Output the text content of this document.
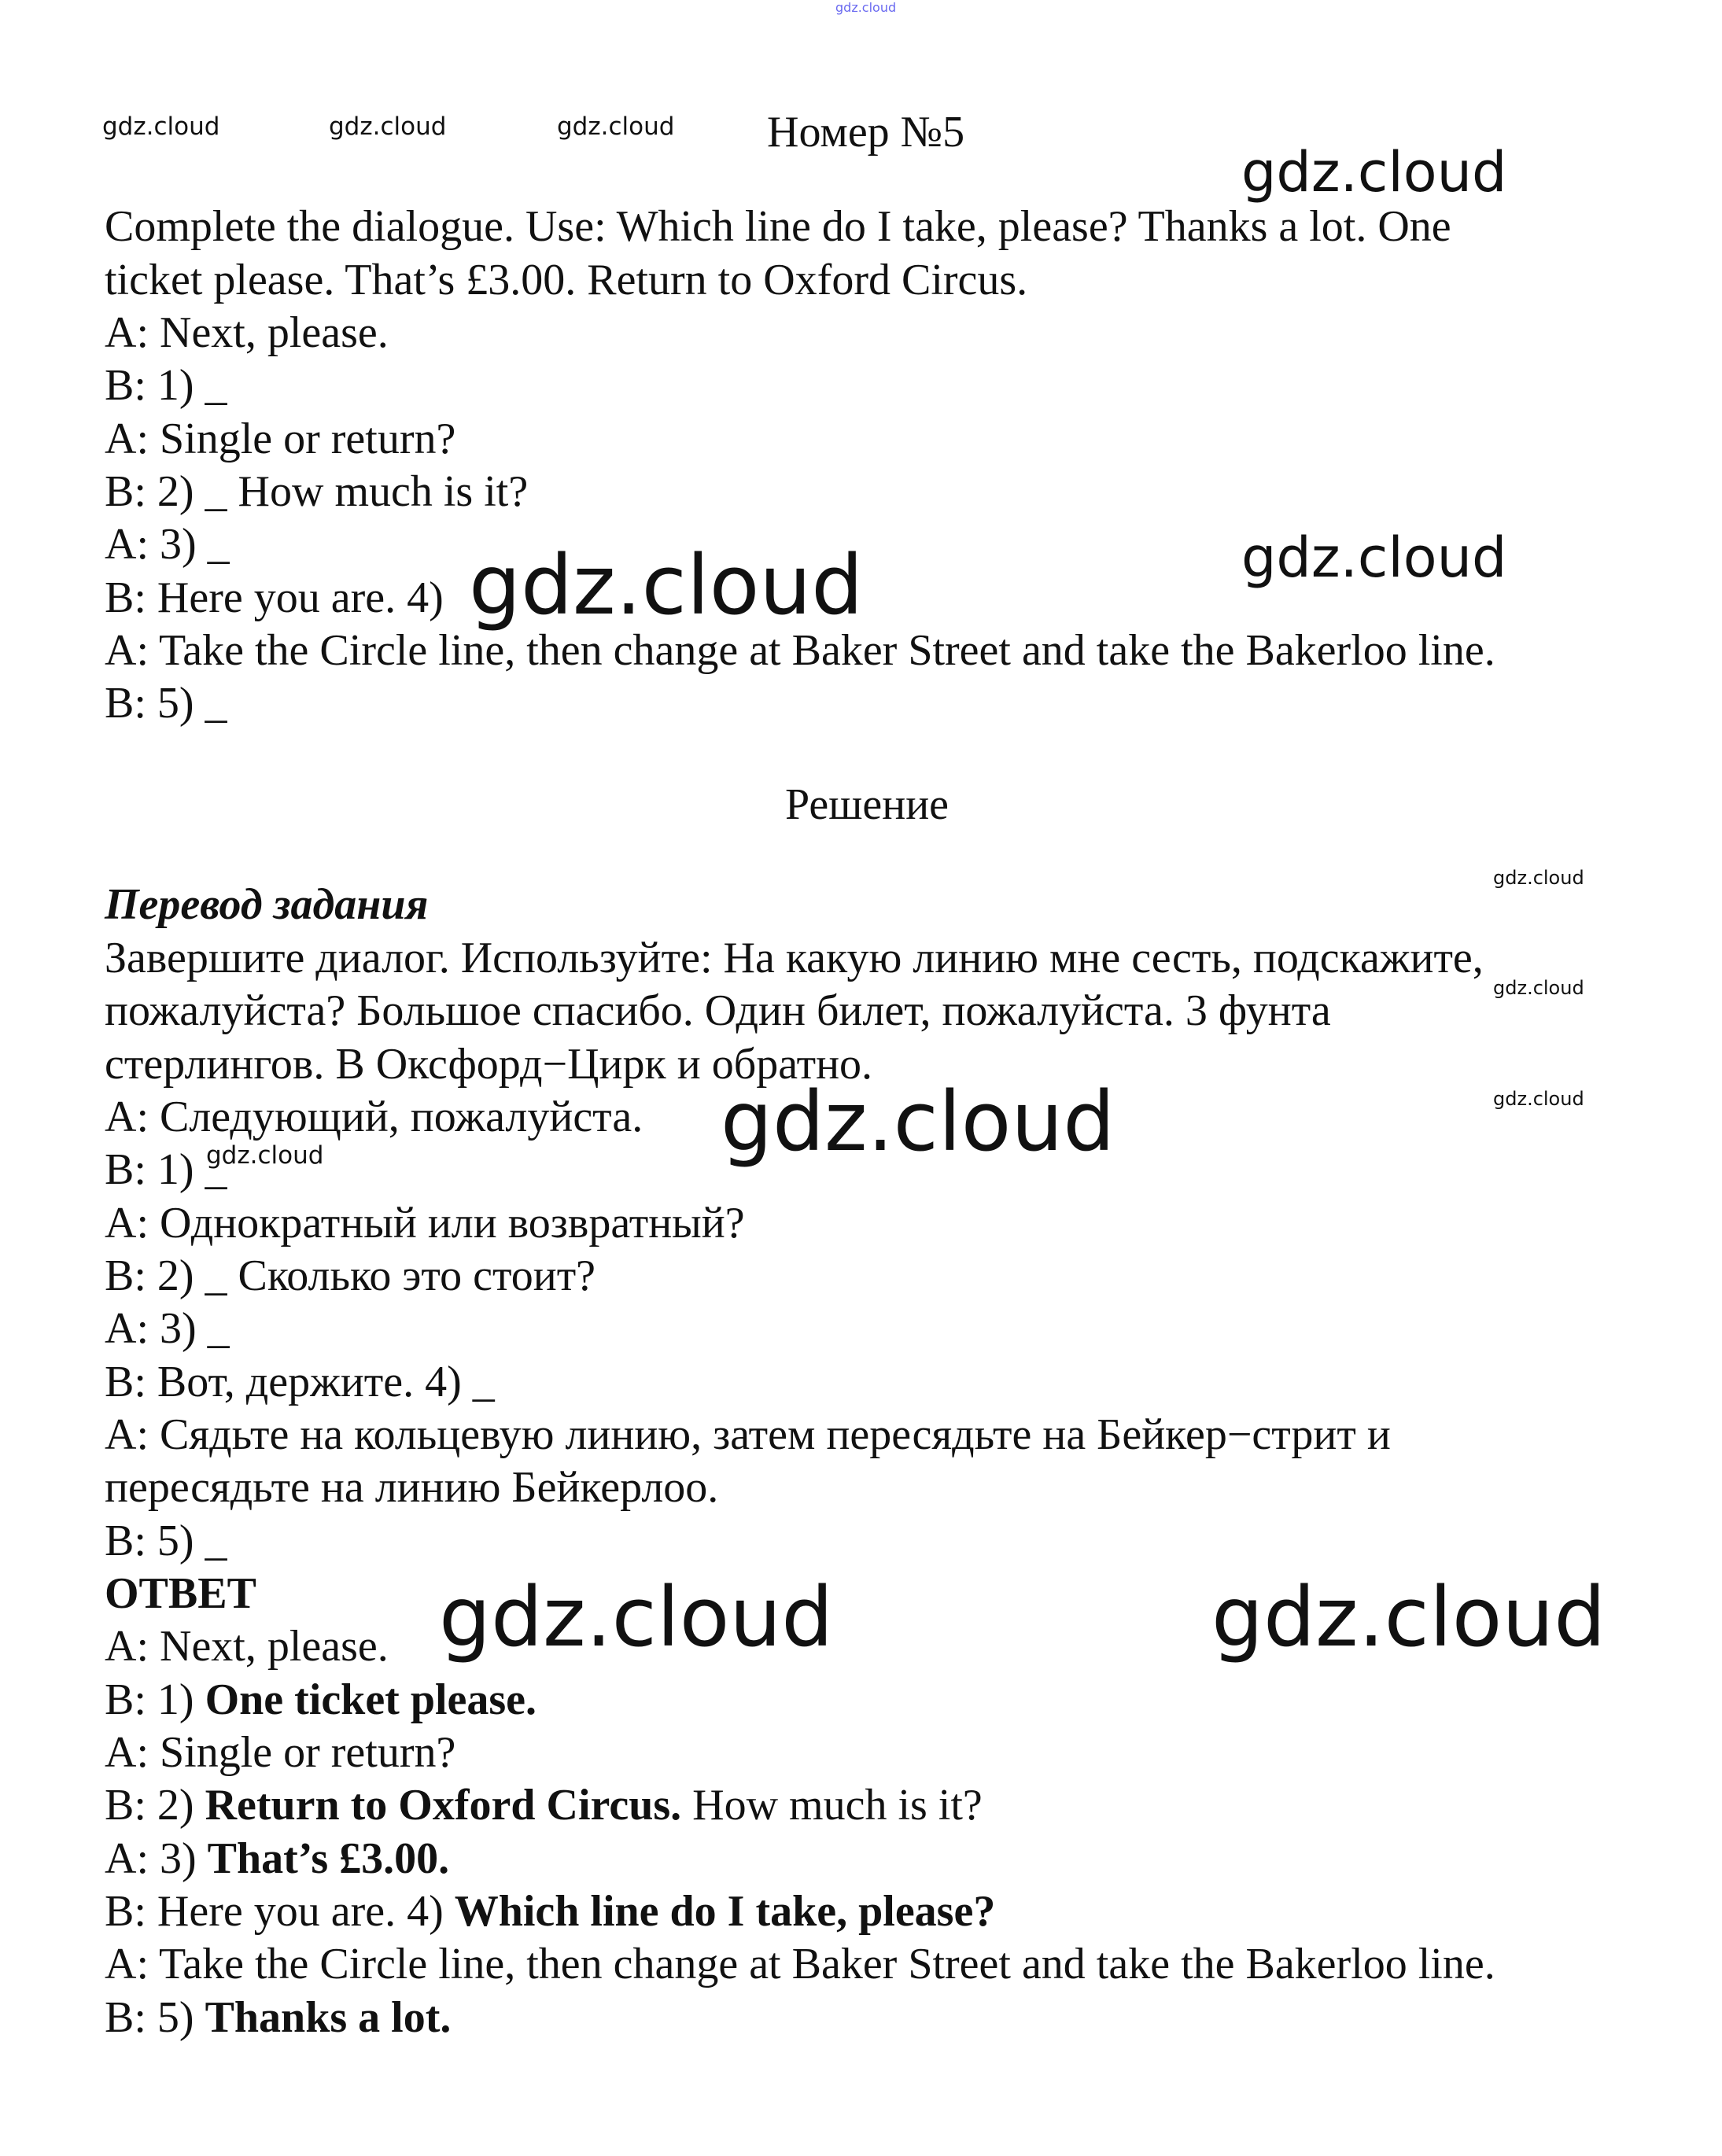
gdz.cloud
gdz.cloud	gdz.cloud	gdz.cloud
gdz.cloud
gdz.cloud
gdz.cloud
gdz.cloud
gdz.cloud
gdz.cloud
gdz.cloud
gdz.cloud
gdz.cloud	gdz.cloud
Номер №5

Complete the dialogue. Use: Which line do I take, please? Thanks a lot. One

ticket please. That’s £3.00. Return to Oxford Circus.

A: Next, please.

B: 1) _

A: Single or return?

B: 2) _ How much is it?

A: 3) _

B: Here you are. 4)

A: Take the Circle line, then change at Baker Street and take the Bakerloo line.

B: 5) _

Решение

Перевод задания

Завершите диалог. Используйте: На какую линию мне сесть, подскажите,

пожалуйста? Большое спасибо. Один билет, пожалуйста. 3 фунта

стерлингов. В Оксфорд−Цирк и обратно.

A: Следующий, пожалуйста.

B: 1) _

A: Однократный или возвратный?

B: 2) _ Сколько это стоит?

A: 3) _

B: Вот, держите. 4) _

A: Сядьте на кольцевую линию, затем пересядьте на Бейкер−стрит и

пересядьте на линию Бейкерлоо.

B: 5) _

ОТВЕТ

A: Next, please.

B: 1) One ticket please.

A: Single or return?

B: 2) Return to Oxford Circus. How much is it?

A: 3) That’s £3.00.

B: Here you are. 4) Which line do I take, please?

A: Take the Circle line, then change at Baker Street and take the Bakerloo line.

B: 5) Thanks a lot.
